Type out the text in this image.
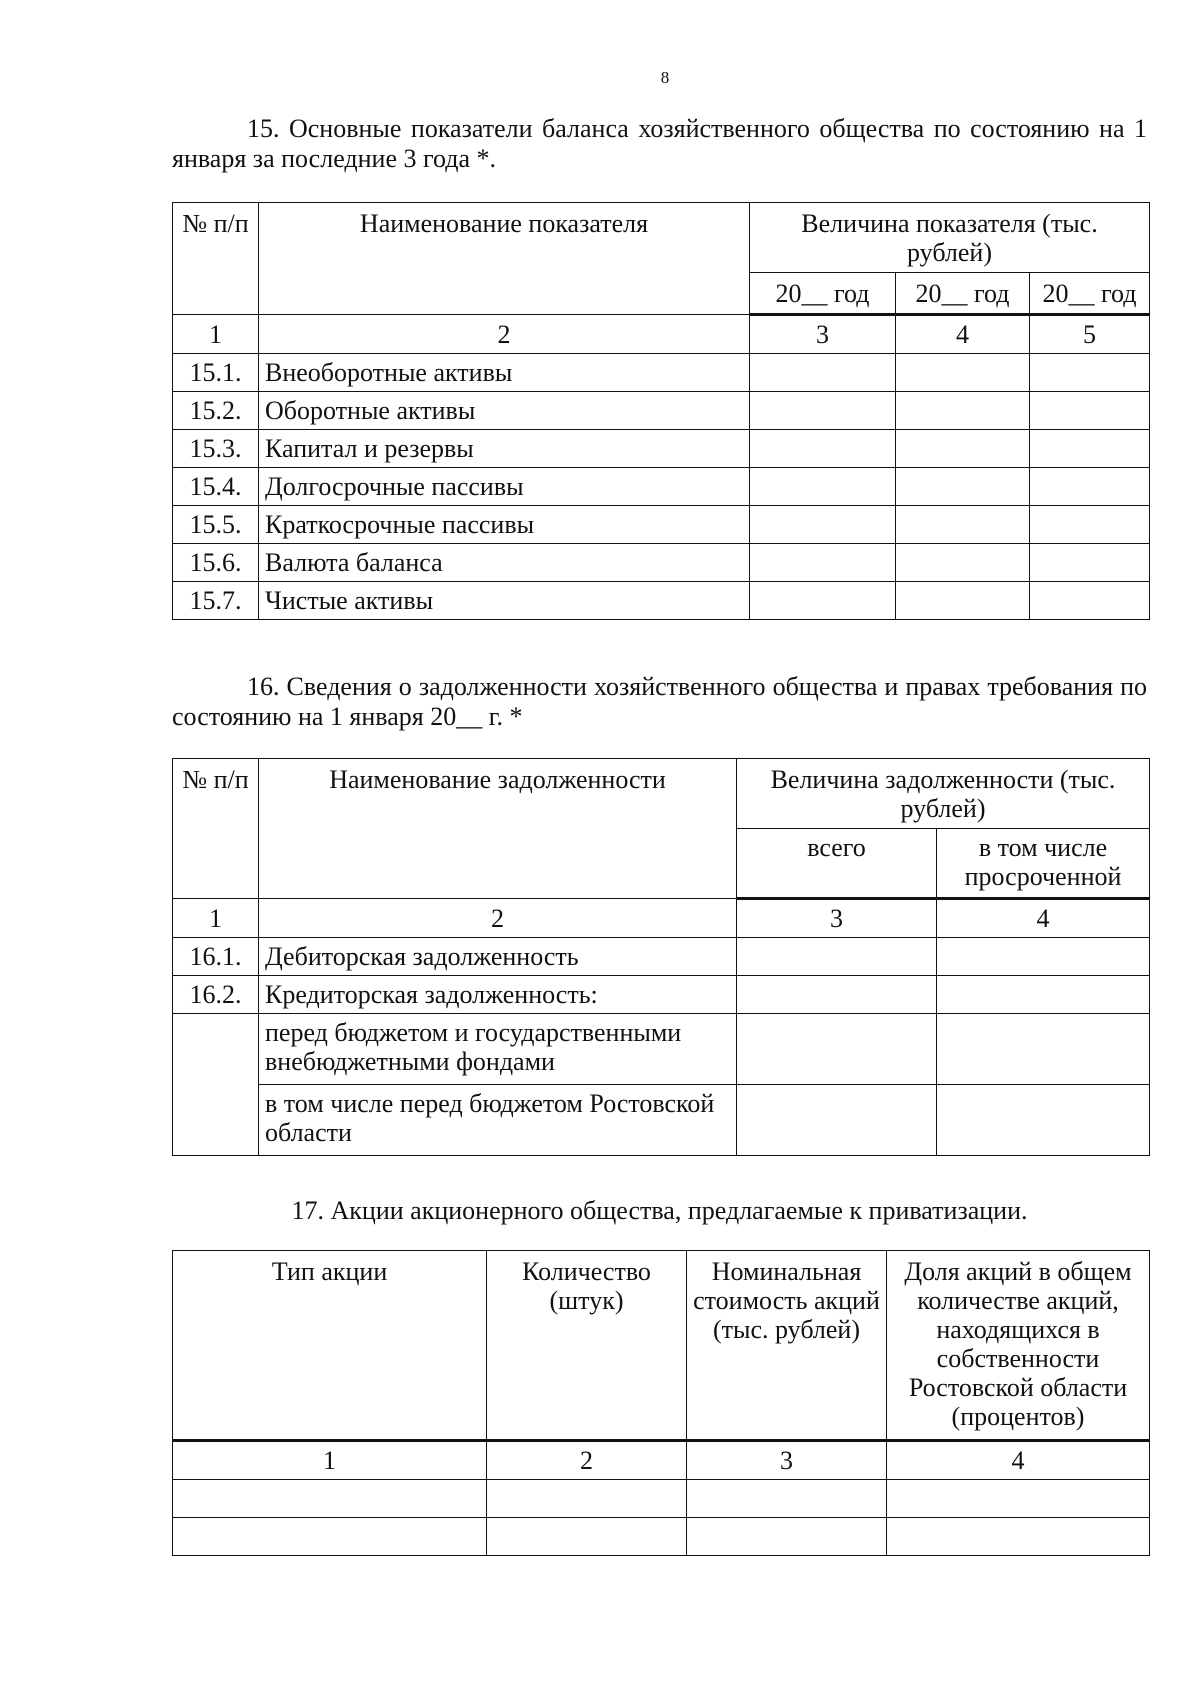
8

15. Основные показатели баланса хозяйственного общества по состоянию на 1 января за последние 3 года *.

№ п/п	Наименование показателя	Величина показателя (тыс. рублей)		
		20__ год	20__ год	20__ год
1	2	3	4	5
15.1.	Внеоборотные активы			
15.2.	Оборотные активы			
15.3.	Капитал и резервы			
15.4.	Долгосрочные пассивы			
15.5.	Краткосрочные пассивы			
15.6.	Валюта баланса			
15.7.	Чистые активы			

16. Сведения о задолженности хозяйственного общества и правах требования по состоянию на 1 января 20__ г. *

№ п/п	Наименование задолженности	Величина задолженности (тыс. рублей)	
		всего	в том числе просроченной
1	2	3	4
16.1.	Дебиторская задолженность		
16.2.	Кредиторская задолженность:		
	перед бюджетом и государственными внебюджетными фондами		
	в том числе перед бюджетом Ростовской области		

17. Акции акционерного общества, предлагаемые к приватизации.

Тип акции	Количество (штук)	Номинальная стоимость акций (тыс. рублей)	Доля акций в общем количестве акций, находящихся в собственности Ростовской области (процентов)
1	2	3	4
